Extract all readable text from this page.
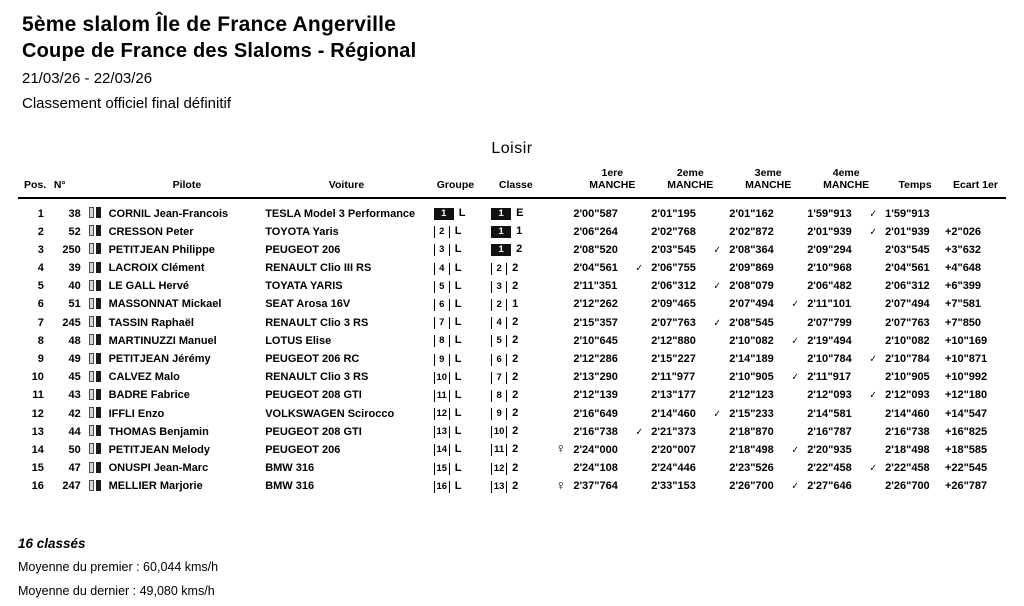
5ème slalom Île de France Angerville
Coupe de France des Slaloms - Régional
21/03/26 - 22/03/26
Classement officiel final définitif
Loisir
Pos.	N°		Pilote	Voiture	Groupe	Classe		1ere
MANCHE	2eme
MANCHE	3eme
MANCHE	4eme
MANCHE	Temps	Ecart 1er
1	38		CORNIL Jean-Francois	TESLA Model 3 Performance	1 L	1 E		2'00"587	2'01"195	2'01"162	1'59"913 ✓	1'59"913	
2	52		CRESSON Peter	TOYOTA Yaris	2 L	1 1		2'06"264	2'02"768	2'02"872	2'01"939 ✓	2'01"939	+2"026
3	250		PETITJEAN Philippe	PEUGEOT 206	3 L	1 2		2'08"520	2'03"545 ✓	2'08"364	2'09"294	2'03"545	+3"632
4	39		LACROIX Clément	RENAULT Clio III RS	4 L	2 2		2'04"561 ✓	2'06"755	2'09"869	2'10"968	2'04"561	+4"648
5	40		LE GALL Hervé	TOYATA YARIS	5 L	3 2		2'11"351	2'06"312 ✓	2'08"079	2'06"482	2'06"312	+6"399
6	51		MASSONNAT Mickael	SEAT Arosa 16V	6 L	2 1		2'12"262	2'09"465	2'07"494 ✓	2'11"101	2'07"494	+7"581
7	245		TASSIN Raphaël	RENAULT Clio 3 RS	7 L	4 2		2'15"357	2'07"763 ✓	2'08"545	2'07"799	2'07"763	+7"850
8	48		MARTINUZZI Manuel	LOTUS Elise	8 L	5 2		2'10"645	2'12"880	2'10"082 ✓	2'19"494	2'10"082	+10"169
9	49		PETITJEAN Jérémy	PEUGEOT 206 RC	9 L	6 2		2'12"286	2'15"227	2'14"189	2'10"784 ✓	2'10"784	+10"871
10	45		CALVEZ Malo	RENAULT Clio 3 RS	10 L	7 2		2'13"290	2'11"977	2'10"905 ✓	2'11"917	2'10"905	+10"992
11	43		BADRE Fabrice	PEUGEOT 208 GTI	11 L	8 2		2'12"139	2'13"177	2'12"123	2'12"093 ✓	2'12"093	+12"180
12	42		IFFLI Enzo	VOLKSWAGEN Scirocco	12 L	9 2		2'16"649	2'14"460 ✓	2'15"233	2'14"581	2'14"460	+14"547
13	44		THOMAS Benjamin	PEUGEOT 208 GTI	13 L	10 2		2'16"738 ✓	2'21"373	2'18"870	2'16"787	2'16"738	+16"825
14	50		PETITJEAN Melody	PEUGEOT 206	14 L	11 2	♀	2'24"000	2'20"007	2'18"498 ✓	2'20"935	2'18"498	+18"585
15	47		ONUSPI Jean-Marc	BMW 316	15 L	12 2		2'24"108	2'24"446	2'23"526	2'22"458 ✓	2'22"458	+22"545
16	247		MELLIER Marjorie	BMW 316	16 L	13 2	♀	2'37"764	2'33"153	2'26"700 ✓	2'27"646	2'26"700	+26"787
16 classés
Moyenne du premier : 60,044 kms/h
Moyenne du dernier : 49,080 kms/h
